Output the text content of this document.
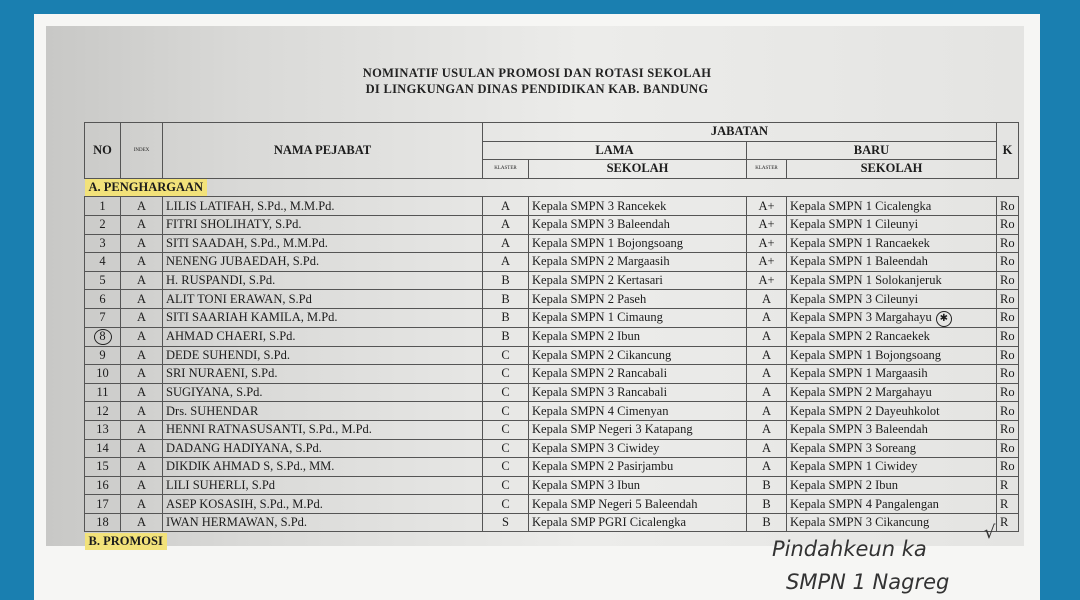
NOMINATIF USULAN PROMOSI DAN ROTASI SEKOLAH
DI LINGKUNGAN DINAS PENDIDIKAN KAB. BANDUNG
NO	INDEX	NAMA PEJABAT	JABATAN				K
			LAMA		BARU		
			KLASTER	SEKOLAH	KLASTER	SEKOLAH	
A. PENGHARGAAN							
1	A	LILIS LATIFAH, S.Pd., M.M.Pd.	A	Kepala SMPN 3 Rancekek	A+	Kepala SMPN 1 Cicalengka	Ro
2	A	FITRI SHOLIHATY, S.Pd.	A	Kepala SMPN 3 Baleendah	A+	Kepala SMPN 1 Cileunyi	Ro
3	A	SITI SAADAH, S.Pd., M.M.Pd.	A	Kepala SMPN 1 Bojongsoang	A+	Kepala SMPN 1 Rancaekek	Ro
4	A	NENENG JUBAEDAH, S.Pd.	A	Kepala SMPN 2 Margaasih	A+	Kepala SMPN 1 Baleendah	Ro
5	A	H. RUSPANDI, S.Pd.	B	Kepala SMPN 2 Kertasari	A+	Kepala SMPN 1 Solokanjeruk	Ro
6	A	ALIT TONI ERAWAN, S.Pd	B	Kepala SMPN 2 Paseh	A	Kepala SMPN 3 Cileunyi	Ro
7	A	SITI SAARIAH KAMILA, M.Pd.	B	Kepala SMPN 1 Cimaung	A	Kepala SMPN 3 Margahayu ✱	Ro
8	A	AHMAD CHAERI, S.Pd.	B	Kepala SMPN 2 Ibun	A	Kepala SMPN 2 Rancaekek	Ro
9	A	DEDE SUHENDI, S.Pd.	C	Kepala SMPN 2 Cikancung	A	Kepala SMPN 1 Bojongsoang	Ro
10	A	SRI NURAENI, S.Pd.	C	Kepala SMPN 2 Rancabali	A	Kepala SMPN 1 Margaasih	Ro
11	A	SUGIYANA, S.Pd.	C	Kepala SMPN 3 Rancabali	A	Kepala SMPN 2 Margahayu	Ro
12	A	Drs. SUHENDAR	C	Kepala SMPN 4 Cimenyan	A	Kepala SMPN 2 Dayeuhkolot	Ro
13	A	HENNI RATNASUSANTI, S.Pd., M.Pd.	C	Kepala SMP Negeri 3 Katapang	A	Kepala SMPN 3 Baleendah	Ro
14	A	DADANG HADIYANA, S.Pd.	C	Kepala SMPN 3 Ciwidey	A	Kepala SMPN 3 Soreang	Ro
15	A	DIKDIK AHMAD S, S.Pd., MM.	C	Kepala SMPN 2 Pasirjambu	A	Kepala SMPN 1 Ciwidey	Ro
16	A	LILI SUHERLI, S.Pd	C	Kepala SMPN 3 Ibun	B	Kepala SMPN 2 Ibun	R
17	A	ASEP KOSASIH, S.Pd., M.Pd.	C	Kepala SMP Negeri 5 Baleendah	B	Kepala SMPN 4 Pangalengan	R
18	A	IWAN HERMAWAN, S.Pd.	S	Kepala SMP PGRI Cicalengka	B	Kepala SMPN 3 Cikancung	R
B. PROMOSI								Pindahkeun ka
√
SMPN 1 Nagreg
